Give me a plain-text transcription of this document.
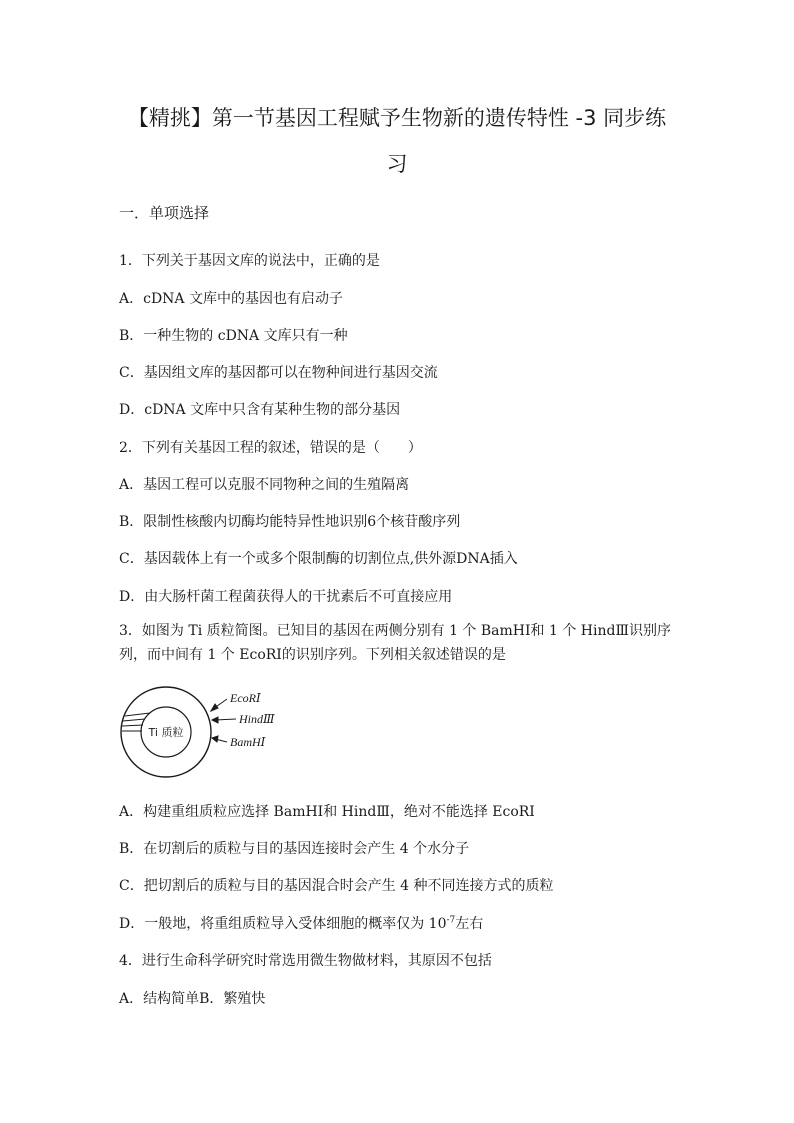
【精挑】第一节基因工程赋予生物新的遗传特性 -3 同步练
习
一．单项选择
1．下列关于基因文库的说法中，正确的是
A．cDNA 文库中的基因也有启动子
B．一种生物的 cDNA 文库只有一种
C．基因组文库的基因都可以在物种间进行基因交流
D．cDNA 文库中只含有某种生物的部分基因
2．下列有关基因工程的叙述，错误的是（　　）
A．基因工程可以克服不同物种之间的生殖隔离
B．限制性核酸内切酶均能特异性地识别6个核苷酸序列
C．基因载体上有一个或多个限制酶的切割位点,供外源DNA插入
D．由大肠杆菌工程菌获得人的干扰素后不可直接应用
3．如图为 Ti 质粒简图。已知目的基因在两侧分别有 1 个 BamHⅠ和 1 个 HindⅢ识别序列，而中间有 1 个 EcoRⅠ的识别序列。下列相关叙述错误的是
Ti 质粒
EcoRⅠ
HindⅢ
BamHⅠ
A．构建重组质粒应选择 BamHⅠ和 HindⅢ，绝对不能选择 EcoRⅠ
B．在切割后的质粒与目的基因连接时会产生 4 个水分子
C．把切割后的质粒与目的基因混合时会产生 4 种不同连接方式的质粒
D．一般地，将重组质粒导入受体细胞的概率仅为 $10^{-7}$左右
4．进行生命科学研究时常选用微生物做材料，其原因不包括
A．结构简单B．繁殖快
